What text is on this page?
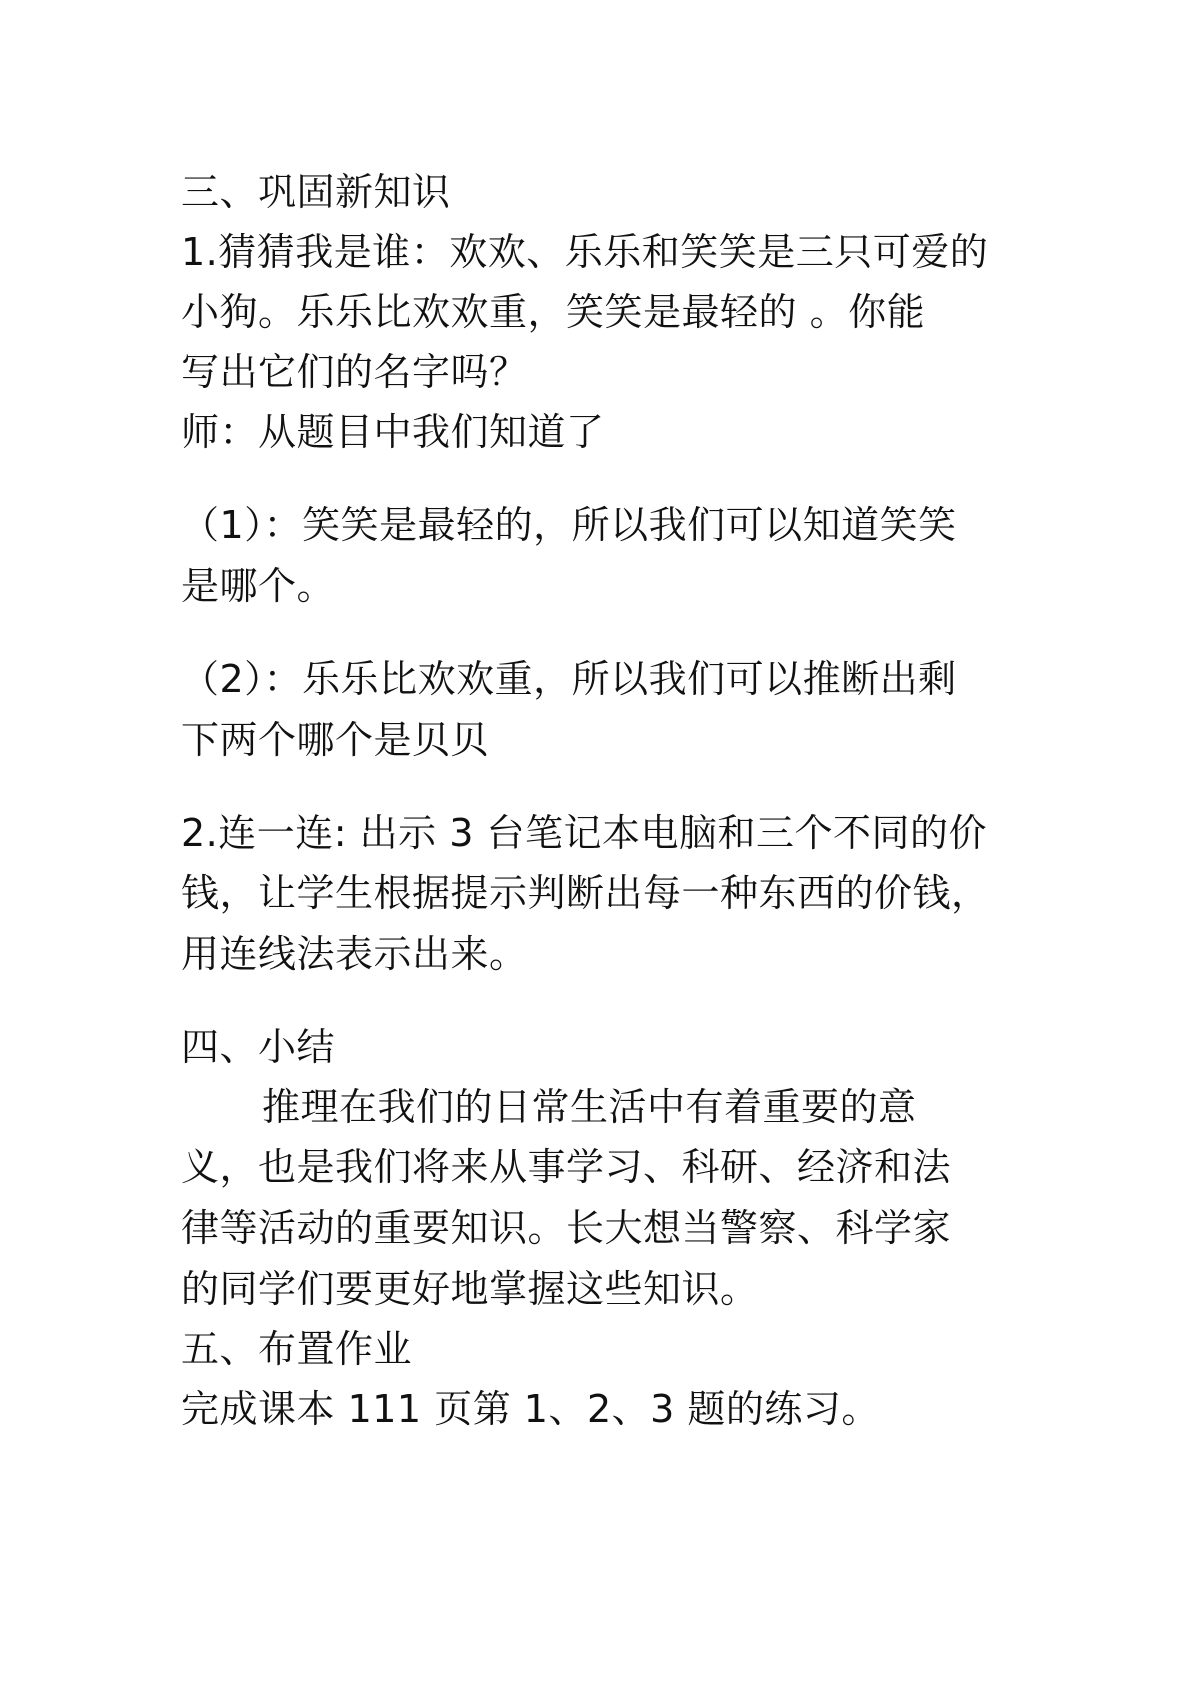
三、巩固新知识
1.猜猜我是谁：欢欢、乐乐和笑笑是三只可爱的
小狗。乐乐比欢欢重，笑笑是最轻的 。你能
写出它们的名字吗？
师：从题目中我们知道了
（1）：笑笑是最轻的，所以我们可以知道笑笑
是哪个。
（2）：乐乐比欢欢重，所以我们可以推断出剩
下两个哪个是贝贝
2.连一连: 出示 3 台笔记本电脑和三个不同的价
钱，让学生根据提示判断出每一种东西的价钱，
用连线法表示出来。
四、小结
推理在我们的日常生活中有着重要的意
义，也是我们将来从事学习、科研、经济和法
律等活动的重要知识。长大想当警察、科学家
的同学们要更好地掌握这些知识。
五、布置作业
完成课本 111 页第 1、2、3 题的练习。
